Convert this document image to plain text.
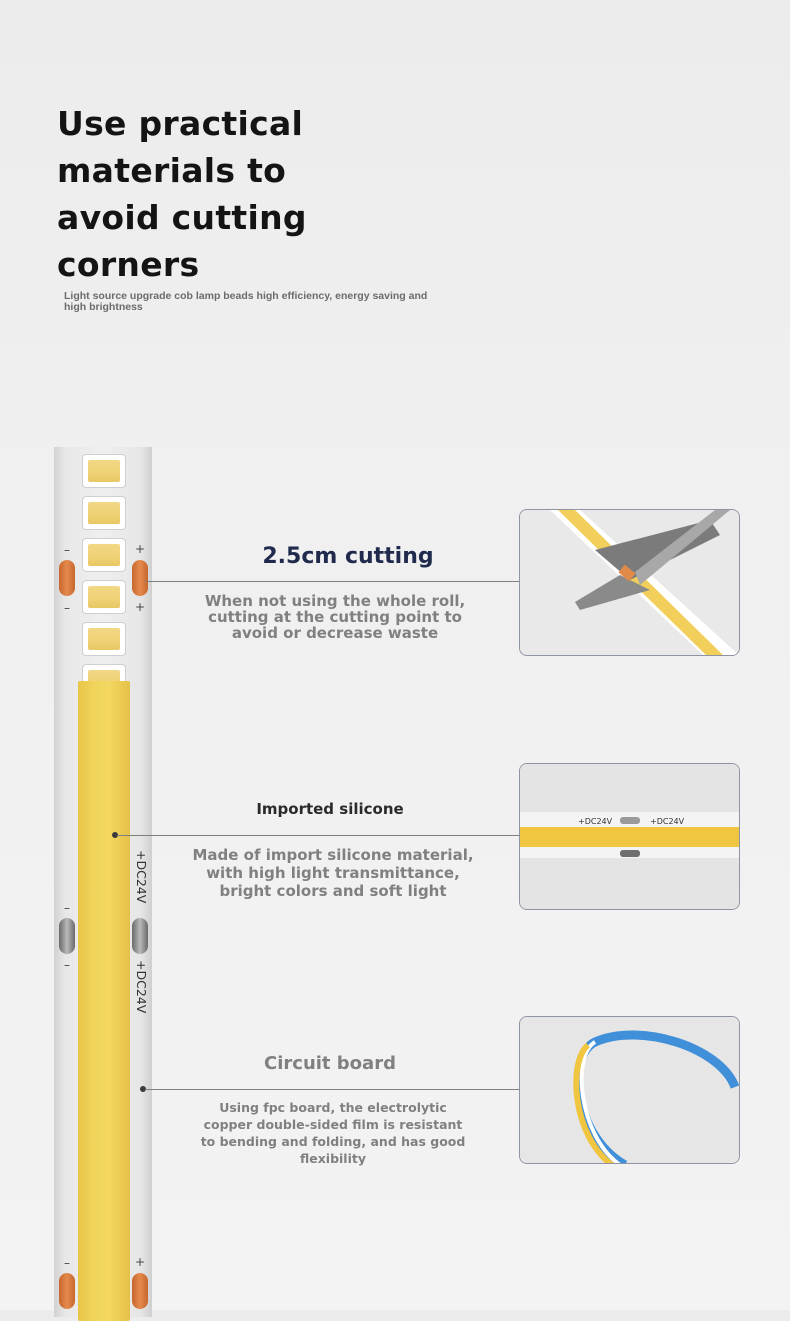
Use practical materials to avoid cutting corners

Light source upgrade cob lamp beads high efficiency, energy saving and high brightness

–	+
–	+
–
–
+DC24V
+DC24V
–	+
2.5cm cutting

When not using the whole roll, cutting at the cutting point to avoid or decrease waste

Imported silicone

Made of import silicone material, with high light transmittance, bright colors and soft light

+DC24V	+DC24V
Circuit board

Using fpc board, the electrolytic copper double-sided film is resistant to bending and folding, and has good flexibility
